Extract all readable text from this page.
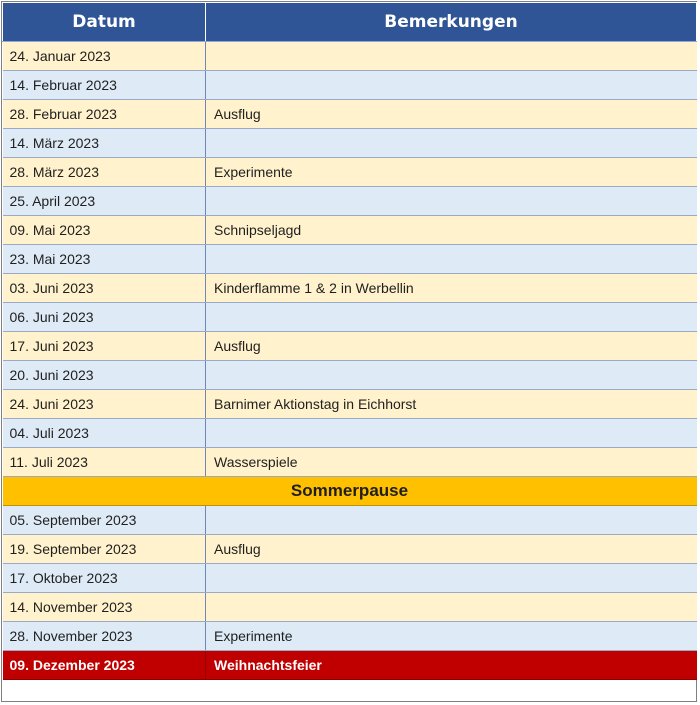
Datum	Bemerkungen
24. Januar 2023	
14. Februar 2023	
28. Februar 2023	Ausflug
14. März 2023	
28. März 2023	Experimente
25. April 2023	
09. Mai 2023	Schnipseljagd
23. Mai 2023	
03. Juni 2023	Kinderflamme 1 & 2 in Werbellin
06. Juni 2023	
17. Juni 2023	Ausflug
20. Juni 2023	
24. Juni 2023	Barnimer Aktionstag in Eichhorst
04. Juli 2023	
11. Juli 2023	Wasserspiele
Sommerpause	
05. September 2023	
19. September 2023	Ausflug
17. Oktober 2023	
14. November 2023	
28. November 2023	Experimente
09. Dezember 2023	Weihnachtsfeier
